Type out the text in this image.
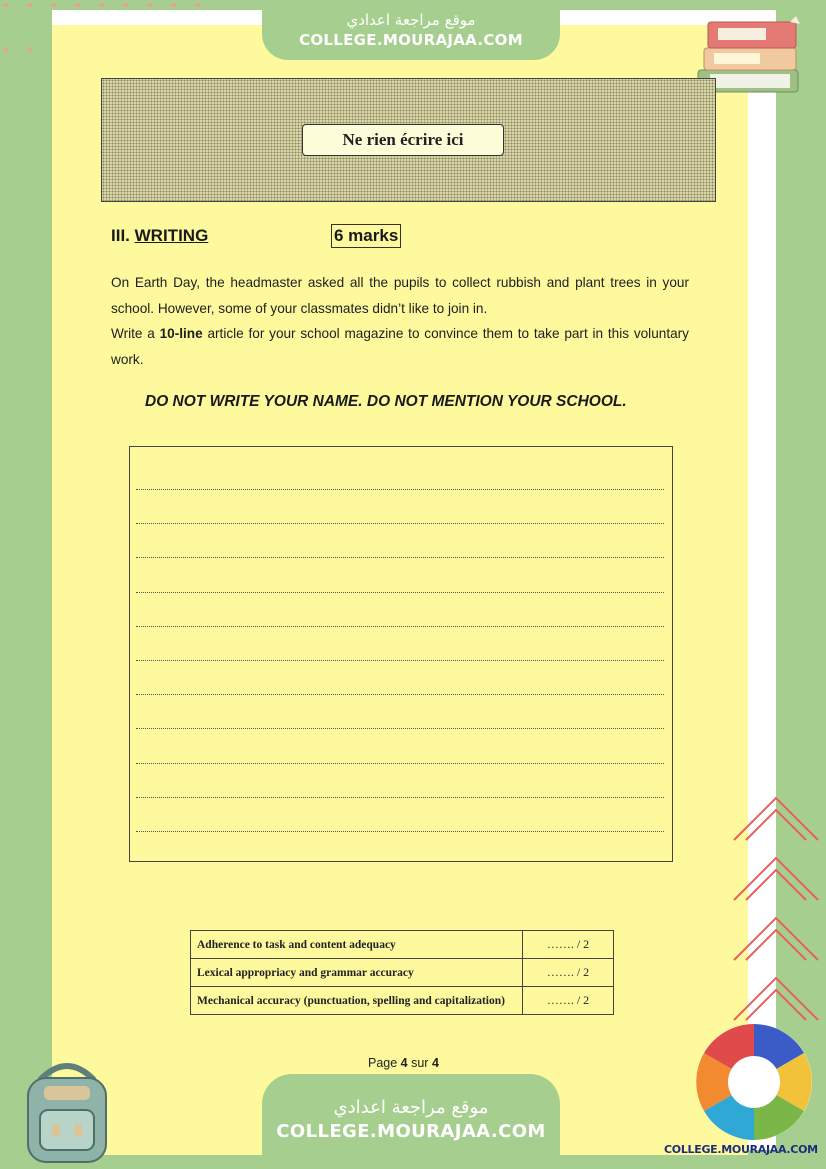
موقع مراجعة اعدادي
COLLEGE.MOURAJAA.COM
Ne rien écrire ici
III. WRITING	6 marks

On Earth Day, the headmaster asked all the pupils to collect rubbish and plant trees in your school. However, some of your classmates didn’t like to join in.

Write a 10-line article for your school magazine to convince them to take part in this voluntary work.

DO NOT WRITE YOUR NAME. DO NOT MENTION YOUR SCHOOL.
Adherence to task and content adequacy	……. / 2
Lexical appropriacy and grammar accuracy	……. / 2
Mechanical accuracy (punctuation, spelling and capitalization)	……. / 2
Page 4 sur 4
COLLEGE.MOURAJAA.COM
موقع مراجعة اعدادي
COLLEGE.MOURAJAA.COM
